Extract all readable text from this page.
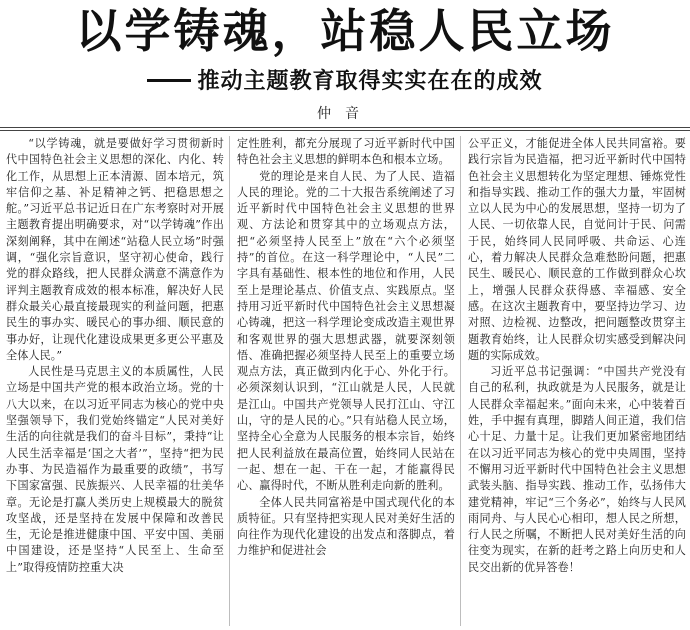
以学铸魂，站稳人民立场
推动主题教育取得实实在在的成效
仲音

“以学铸魂，就是要做好学习贯彻新时代中国特色社会主义思想的深化、内化、转化工作，从思想上正本清源、固本培元，筑牢信仰之基、补足精神之钙、把稳思想之舵。”习近平总书记近日在广东考察时对开展主题教育提出明确要求，对“以学铸魂”作出深刻阐释，其中在阐述“站稳人民立场”时强调，“强化宗旨意识，坚守初心使命，践行党的群众路线，把人民群众满意不满意作为评判主题教育成效的根本标准，解决好人民群众最关心最直接最现实的利益问题，把惠民生的事办实、暖民心的事办细、顺民意的事办好，让现代化建设成果更多更公平惠及全体人民。”

人民性是马克思主义的本质属性，人民立场是中国共产党的根本政治立场。党的十八大以来，在以习近平同志为核心的党中央坚强领导下，我们党始终锚定“人民对美好生活的向往就是我们的奋斗目标”，秉持“让人民生活幸福是‘国之大者’”，坚持“把为民办事、为民造福作为最重要的政绩”，书写下国家富强、民族振兴、人民幸福的壮美华章。无论是打赢人类历史上规模最大的脱贫攻坚战，还是坚持在发展中保障和改善民生，无论是推进健康中国、平安中国、美丽中国建设，还是坚持“人民至上、生命至上”取得疫情防控重大决

定性胜利，都充分展现了习近平新时代中国特色社会主义思想的鲜明本色和根本立场。

党的理论是来自人民、为了人民、造福人民的理论。党的二十大报告系统阐述了习近平新时代中国特色社会主义思想的世界观、方法论和贯穿其中的立场观点方法，把“必须坚持人民至上”放在“六个必须坚持”的首位。在这一科学理论中，“人民”二字具有基础性、根本性的地位和作用，人民至上是理论基点、价值支点、实践原点。坚持用习近平新时代中国特色社会主义思想凝心铸魂，把这一科学理论变成改造主观世界和客观世界的强大思想武器，就要深刻领悟、准确把握必须坚持人民至上的重要立场观点方法，真正做到内化于心、外化于行。必须深刻认识到，“江山就是人民，人民就是江山。中国共产党领导人民打江山、守江山，守的是人民的心。”只有站稳人民立场，坚持全心全意为人民服务的根本宗旨，始终把人民利益放在最高位置，始终同人民站在一起、想在一起、干在一起，才能赢得民心、赢得时代，不断从胜利走向新的胜利。

全体人民共同富裕是中国式现代化的本质特征。只有坚持把实现人民对美好生活的向往作为现代化建设的出发点和落脚点，着力维护和促进社会

公平正义，才能促进全体人民共同富裕。要践行宗旨为民造福，把习近平新时代中国特色社会主义思想转化为坚定理想、锤炼党性和指导实践、推动工作的强大力量，牢固树立以人民为中心的发展思想，坚持一切为了人民、一切依靠人民，自觉问计于民、问需于民，始终同人民同呼吸、共命运、心连心，着力解决人民群众急难愁盼问题，把惠民生、暖民心、顺民意的工作做到群众心坎上，增强人民群众获得感、幸福感、安全感。在这次主题教育中，要坚持边学习、边对照、边检视、边整改，把问题整改贯穿主题教育始终，让人民群众切实感受到解决问题的实际成效。

习近平总书记强调：“中国共产党没有自己的私利，执政就是为人民服务，就是让人民群众幸福起来。”面向未来，心中装着百姓，手中握有真理，脚踏人间正道，我们信心十足、力量十足。让我们更加紧密地团结在以习近平同志为核心的党中央周围，坚持不懈用习近平新时代中国特色社会主义思想武装头脑、指导实践、推动工作，弘扬伟大建党精神，牢记“三个务必”，始终与人民风雨同舟、与人民心心相印，想人民之所想，行人民之所嘱，不断把人民对美好生活的向往变为现实，在新的赶考之路上向历史和人民交出新的优异答卷！
